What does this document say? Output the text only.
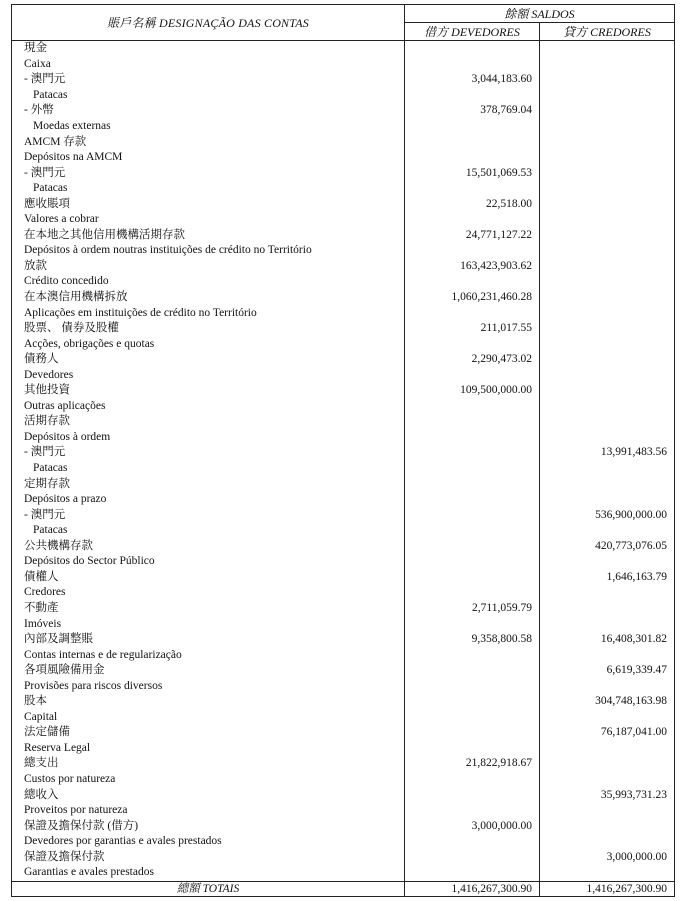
賬戶名稱 DESIGNAÇÃO DAS CONTAS	餘額 SALDOS	
	借方 DEVEDORES	貸方 CREDORES
現金		
Caixa		
- 澳門元	3,044,183.60	
Patacas		
- 外幣	378,769.04	
Moedas externas		
AMCM 存款		
Depósitos na AMCM		
- 澳門元	15,501,069.53	
Patacas		
應收賬項	22,518.00	
Valores a cobrar		
在本地之其他信用機構活期存款	24,771,127.22	
Depósitos à ordem noutras instituições de crédito no Território		
放款	163,423,903.62	
Crédito concedido		
在本澳信用機構拆放	1,060,231,460.28	
Aplicações em instituições de crédito no Território		
股票、 債券及股權	211,017.55	
Acções, obrigações e quotas		
債務人	2,290,473.02	
Devedores		
其他投資	109,500,000.00	
Outras aplicações		
活期存款		
Depósitos à ordem		
- 澳門元		13,991,483.56
Patacas		
定期存款		
Depósitos a prazo		
- 澳門元		536,900,000.00
Patacas		
公共機構存款		420,773,076.05
Depósitos do Sector Público		
債權人		1,646,163.79
Credores		
不動產	2,711,059.79	
Imóveis		
內部及調整賬	9,358,800.58	16,408,301.82
Contas internas e de regularização		
各項風險備用金		6,619,339.47
Provisões para riscos diversos		
股本		304,748,163.98
Capital		
法定儲備		76,187,041.00
Reserva Legal		
總支出	21,822,918.67	
Custos por natureza		
總收入		35,993,731.23
Proveitos por natureza		
保證及擔保付款 (借方)	3,000,000.00	
Devedores por garantias e avales prestados		
保證及擔保付款		3,000,000.00
Garantias e avales prestados		
總額 TOTAIS	1,416,267,300.90	1,416,267,300.90
